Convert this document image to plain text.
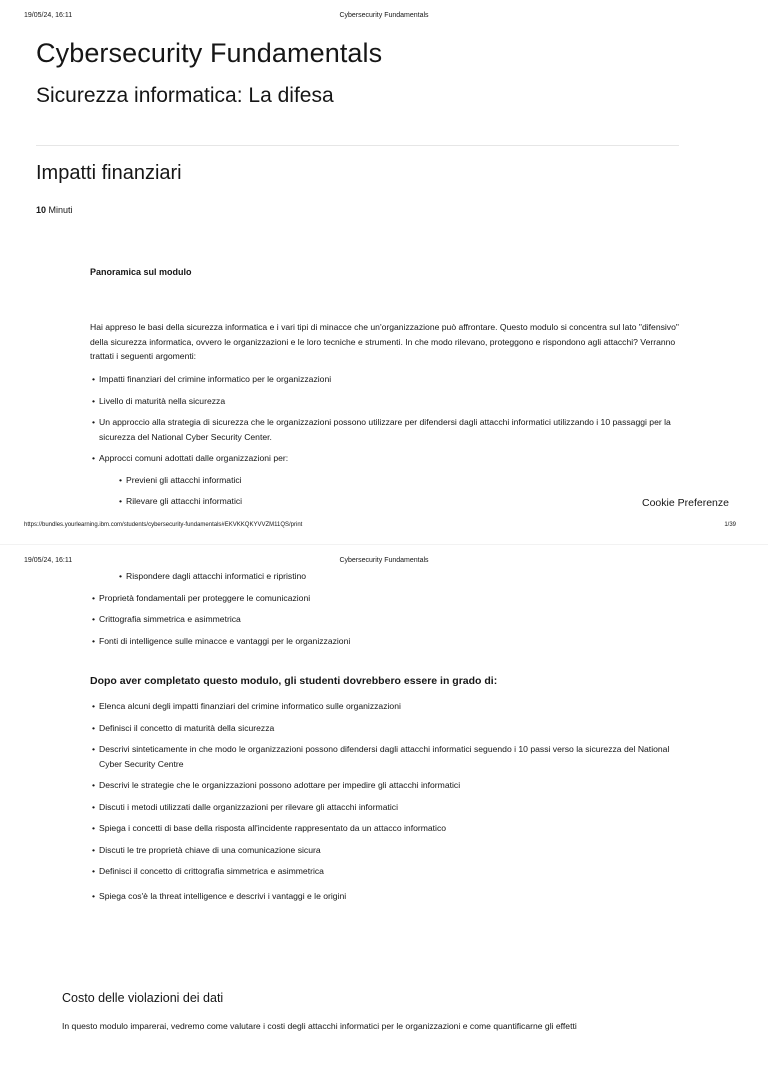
19/05/24, 16:11	Cybersecurity Fundamentals
Cybersecurity Fundamentals
Sicurezza informatica: La difesa
Impatti finanziari
10 Minuti
Panoramica sul modulo

Hai appreso le basi della sicurezza informatica e i vari tipi di minacce che un'organizzazione può affrontare. Questo modulo si concentra sul lato "difensivo" della sicurezza informatica, ovvero le organizzazioni e le loro tecniche e strumenti. In che modo rilevano, proteggono e rispondono agli attacchi? Verranno trattati i seguenti argomenti:

• Impatti finanziari del crimine informatico per le organizzazioni
• Livello di maturità nella sicurezza
• Un approccio alla strategia di sicurezza che le organizzazioni possono utilizzare per difendersi dagli attacchi informatici utilizzando i 10 passaggi per la sicurezza del National Cyber Security Center.
• Approcci comuni adottati dalle organizzazioni per:
• Previeni gli attacchi informatici
• Rilevare gli attacchi informatici	Cookie Preferenze
https://bundles.yourlearning.ibm.com/students/cybersecurity-fundamentals#EKVKKQKYVVZM11QS/print	1/39
19/05/24, 16:11	Cybersecurity Fundamentals
• Rispondere dagli attacchi informatici e ripristino
• Proprietà fondamentali per proteggere le comunicazioni
• Crittografia simmetrica e asimmetrica
• Fonti di intelligence sulle minacce e vantaggi per le organizzazioni
Dopo aver completato questo modulo, gli studenti dovrebbero essere in grado di:
• Elenca alcuni degli impatti finanziari del crimine informatico sulle organizzazioni
• Definisci il concetto di maturità della sicurezza
• Descrivi sinteticamente in che modo le organizzazioni possono difendersi dagli attacchi informatici seguendo i 10 passi verso la sicurezza del National Cyber Security Centre
• Descrivi le strategie che le organizzazioni possono adottare per impedire gli attacchi informatici
• Discuti i metodi utilizzati dalle organizzazioni per rilevare gli attacchi informatici
• Spiega i concetti di base della risposta all'incidente rappresentato da un attacco informatico
• Discuti le tre proprietà chiave di una comunicazione sicura
• Definisci il concetto di crittografia simmetrica e asimmetrica
• Spiega cos'è la threat intelligence e descrivi i vantaggi e le origini
Costo delle violazioni dei dati
In questo modulo imparerai, vedremo come valutare i costi degli attacchi informatici per le organizzazioni e come quantificarne gli effetti
